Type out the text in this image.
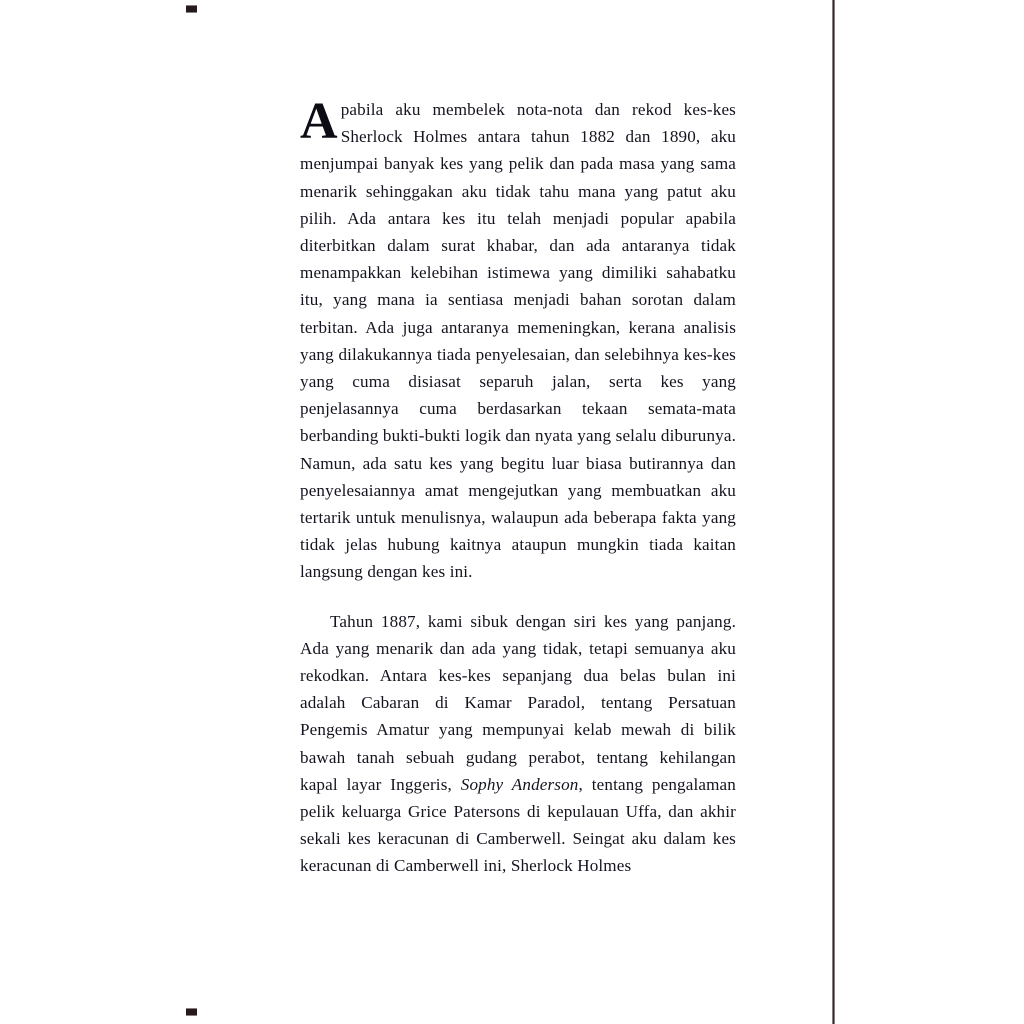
Apabila aku membelek nota-nota dan rekod kes-kes Sherlock Holmes antara tahun 1882 dan 1890, aku menjumpai banyak kes yang pelik dan pada masa yang sama menarik sehinggakan aku tidak tahu mana yang patut aku pilih. Ada antara kes itu telah menjadi popular apabila diterbitkan dalam surat khabar, dan ada antaranya tidak menampakkan kelebihan istimewa yang dimiliki sahabatku itu, yang mana ia sentiasa menjadi bahan sorotan dalam terbitan. Ada juga antaranya memeningkan, kerana analisis yang dilakukannya tiada penyelesaian, dan selebihnya kes-kes yang cuma disiasat separuh jalan, serta kes yang penjelasannya cuma berdasarkan tekaan semata-mata berbanding bukti-bukti logik dan nyata yang selalu diburunya. Namun, ada satu kes yang begitu luar biasa butirannya dan penyelesaiannya amat mengejutkan yang membuatkan aku tertarik untuk menulisnya, walaupun ada beberapa fakta yang tidak jelas hubung kaitnya ataupun mungkin tiada kaitan langsung dengan kes ini.

Tahun 1887, kami sibuk dengan siri kes yang panjang. Ada yang menarik dan ada yang tidak, tetapi semuanya aku rekodkan. Antara kes-kes sepanjang dua belas bulan ini adalah Cabaran di Kamar Paradol, tentang Persatuan Pengemis Amatur yang mempunyai kelab mewah di bilik bawah tanah sebuah gudang perabot, tentang kehilangan kapal layar Inggeris, Sophy Anderson, tentang pengalaman pelik keluarga Grice Patersons di kepulauan Uffa, dan akhir sekali kes keracunan di Camberwell. Seingat aku dalam kes keracunan di Camberwell ini, Sherlock Holmes
